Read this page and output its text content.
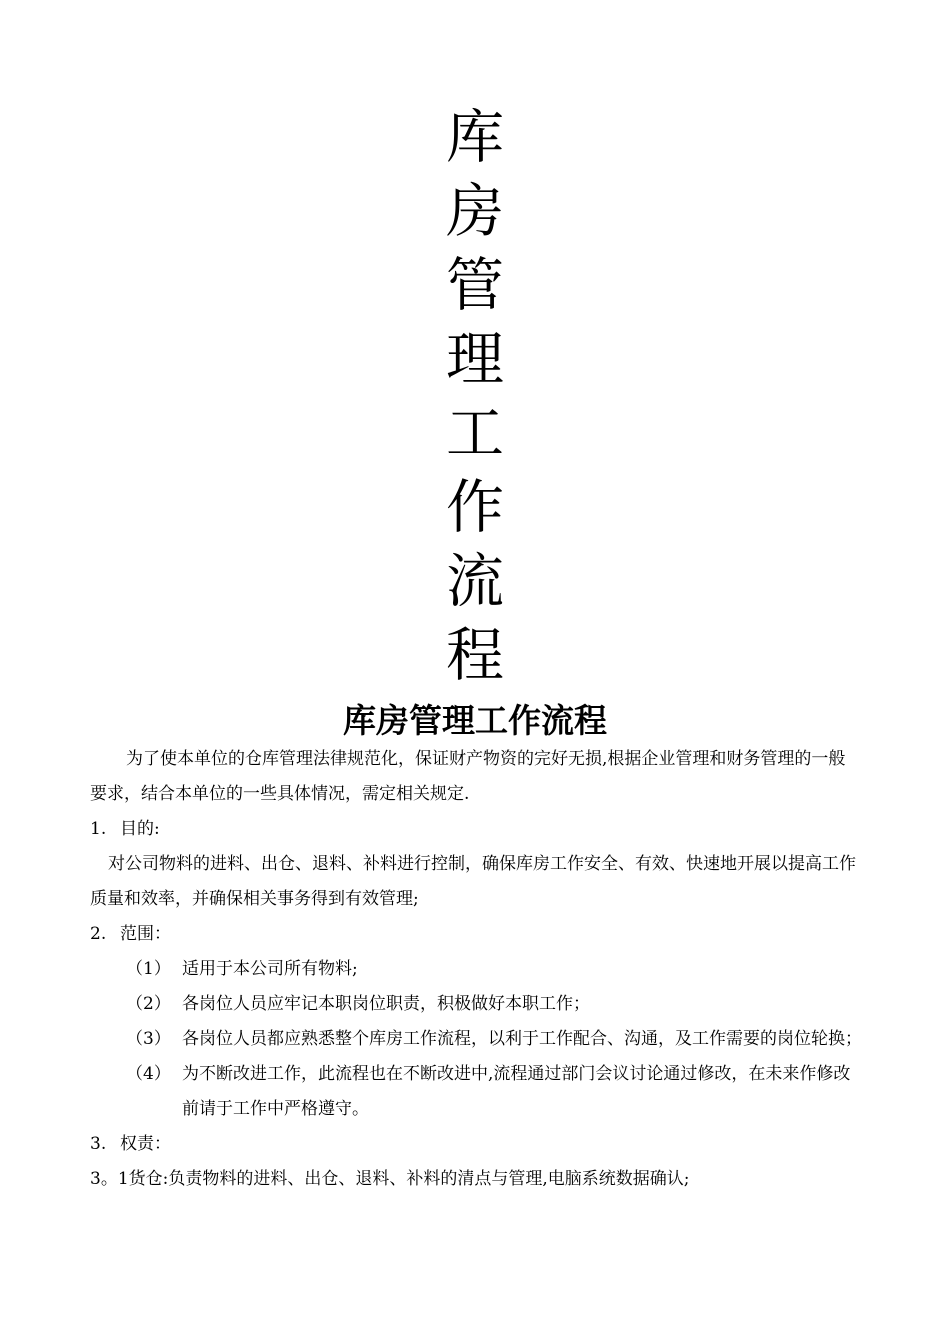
库
房
管
理
工
作
流
程
库房管理工作流程

为了使本单位的仓库管理法律规范化，保证财产物资的完好无损,根据企业管理和财务管理的一般要求，结合本单位的一些具体情况，需定相关规定.

1. 目的:

对公司物料的进料、出仓、退料、补料进行控制，确保库房工作安全、有效、快速地开展以提高工作质量和效率，并确保相关事务得到有效管理;

2. 范围：
（1） 适用于本公司所有物料;
（2） 各岗位人员应牢记本职岗位职责，积极做好本职工作；
（3） 各岗位人员都应熟悉整个库房工作流程，以利于工作配合、沟通，及工作需要的岗位轮换；
（4） 为不断改进工作，此流程也在不断改进中,流程通过部门会议讨论通过修改，在未来作修改前请于工作中严格遵守。
3. 权责：

3。1货仓:负责物料的进料、出仓、退料、补料的清点与管理,电脑系统数据确认;
